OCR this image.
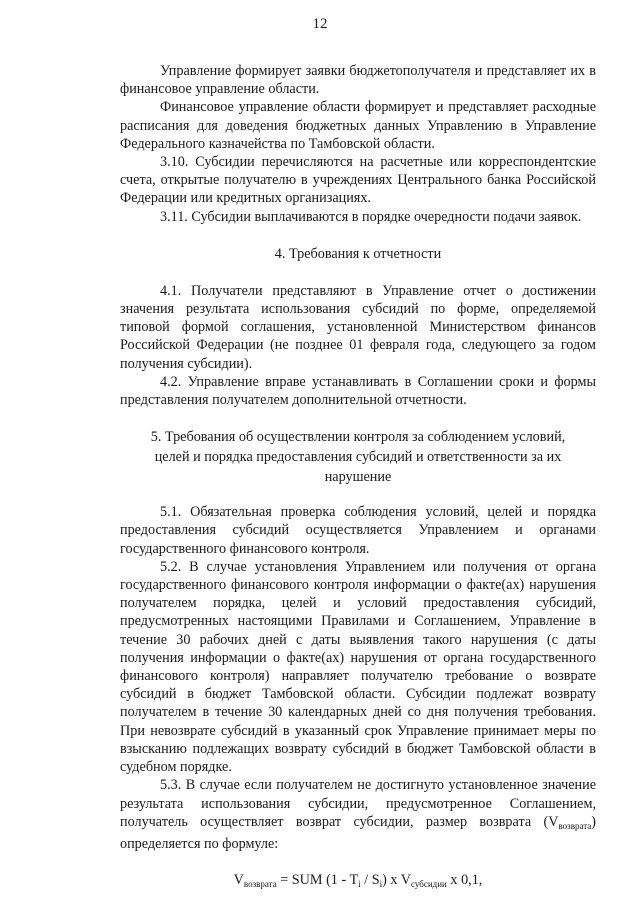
12

Управление формирует заявки бюджетополучателя и представляет их в финансовое управление области.

Финансовое управление области формирует и представляет расходные расписания для доведения бюджетных данных Управлению в Управление Федерального казначейства по Тамбовской области.

3.10. Субсидии перечисляются на расчетные или корреспондентские счета, открытые получателю в учреждениях Центрального банка Российской Федерации или кредитных организациях.

3.11. Субсидии выплачиваются в порядке очередности подачи заявок.

4. Требования к отчетности

4.1. Получатели представляют в Управление отчет о достижении значения результата использования субсидий по форме, определяемой типовой формой соглашения, установленной Министерством финансов Российской Федерации (не позднее 01 февраля года, следующего за годом получения субсидии).

4.2. Управление вправе устанавливать в Соглашении сроки и формы представления получателем дополнительной отчетности.

5. Требования об осуществлении контроля за соблюдением условий, целей и порядка предоставления субсидий и ответственности за их нарушение

5.1. Обязательная проверка соблюдения условий, целей и порядка предоставления субсидий осуществляется Управлением и органами государственного финансового контроля.

5.2. В случае установления Управлением или получения от органа государственного финансового контроля информации о факте(ах) нарушения получателем порядка, целей и условий предоставления субсидий, предусмотренных настоящими Правилами и Соглашением, Управление в течение 30 рабочих дней с даты выявления такого нарушения (с даты получения информации о факте(ах) нарушения от органа государственного финансового контроля) направляет получателю требование о возврате субсидий в бюджет Тамбовской области. Субсидии подлежат возврату получателем в течение 30 календарных дней со дня получения требования. При невозврате субсидий в указанный срок Управление принимает меры по взысканию подлежащих возврату субсидий в бюджет Тамбовской области в судебном порядке.

5.3. В случае если получателем не достигнуто установленное значение результата использования субсидии, предусмотренное Соглашением, получатель осуществляет возврат субсидии, размер возврата $(V_{возврата})$ определяется по формуле:

$V_{возврата}$ = SUM $(1 - T_i / S_i)$ x $V_{субсидии}$ x 0,1,
